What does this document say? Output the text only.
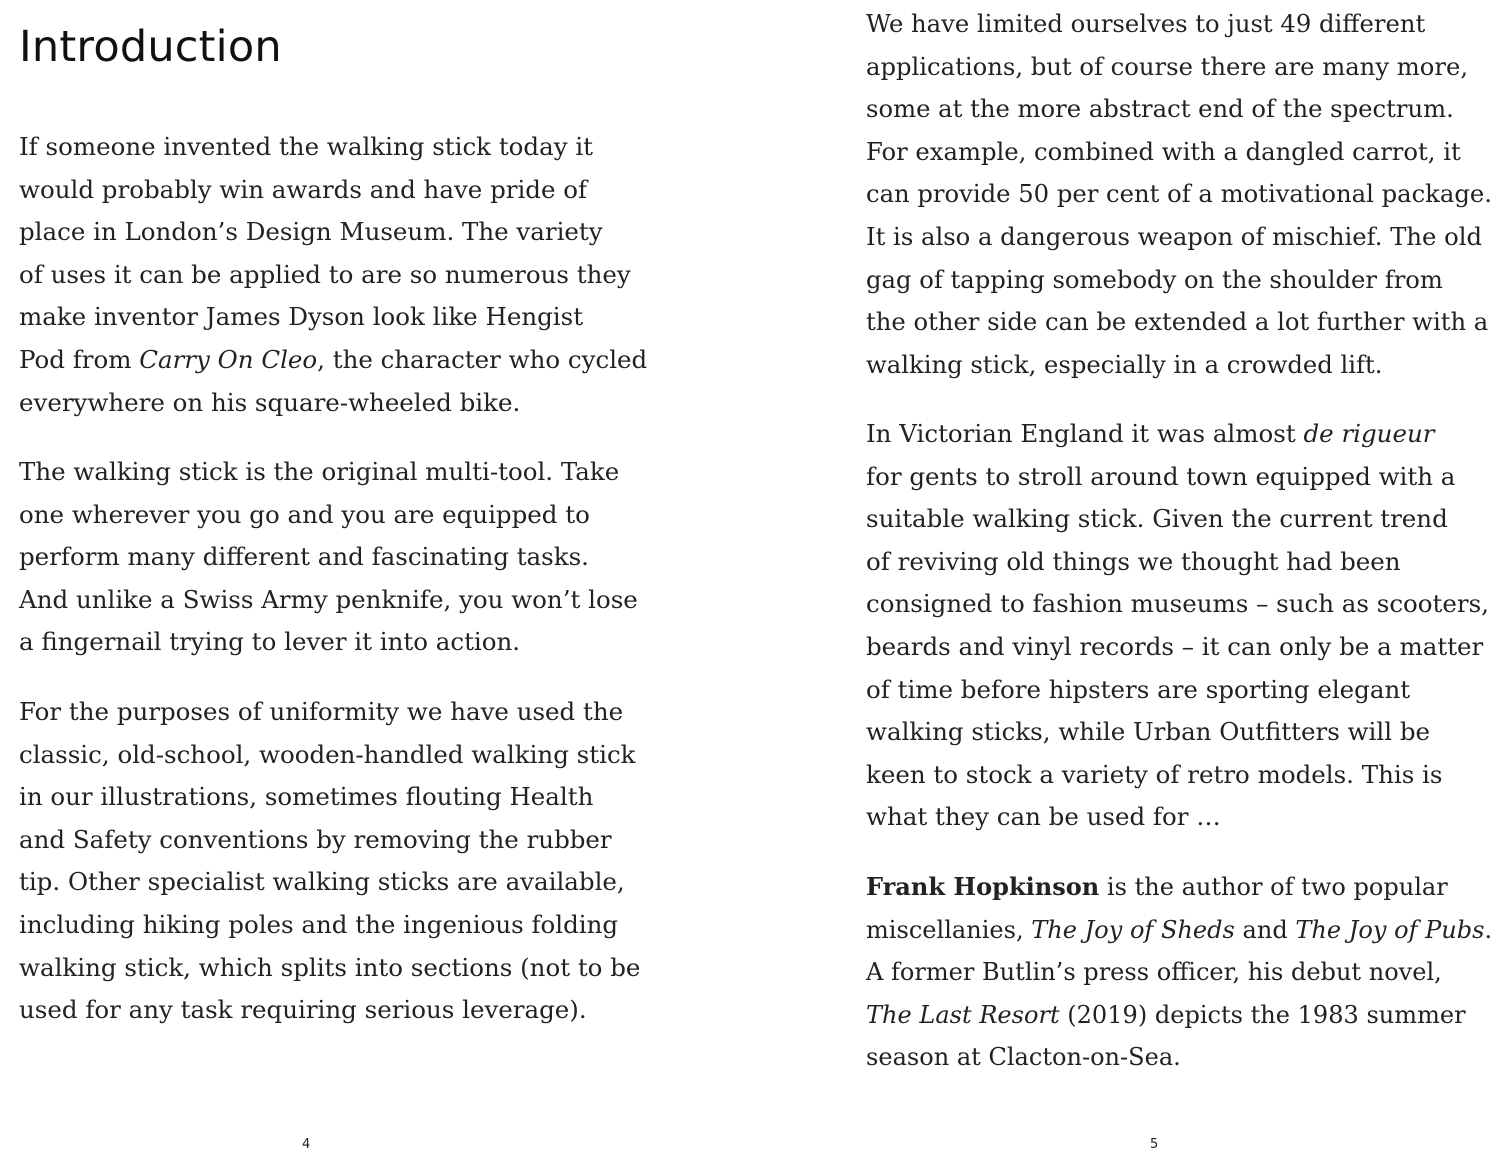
Introduction

If someone invented the walking stick today it
would probably win awards and have pride of
place in London’s Design Museum. The variety
of uses it can be applied to are so numerous they
make inventor James Dyson look like Hengist
Pod from Carry On Cleo, the character who cycled
everywhere on his square-wheeled bike.

The walking stick is the original multi-tool. Take
one wherever you go and you are equipped to
perform many different and fascinating tasks.
And unlike a Swiss Army penknife, you won’t lose
a fingernail trying to lever it into action.

For the purposes of uniformity we have used the
classic, old-school, wooden-handled walking stick
in our illustrations, sometimes flouting Health
and Safety conventions by removing the rubber
tip. Other specialist walking sticks are available,
including hiking poles and the ingenious folding
walking stick, which splits into sections (not to be
used for any task requiring serious leverage).

4

We have limited ourselves to just 49 different
applications, but of course there are many more,
some at the more abstract end of the spectrum.
For example, combined with a dangled carrot, it
can provide 50 per cent of a motivational package.
It is also a dangerous weapon of mischief. The old
gag of tapping somebody on the shoulder from
the other side can be extended a lot further with a
walking stick, especially in a crowded lift.

In Victorian England it was almost de rigueur
for gents to stroll around town equipped with a
suitable walking stick. Given the current trend
of reviving old things we thought had been
consigned to fashion museums – such as scooters,
beards and vinyl records – it can only be a matter
of time before hipsters are sporting elegant
walking sticks, while Urban Outfitters will be
keen to stock a variety of retro models. This is
what they can be used for …

Frank Hopkinson is the author of two popular
miscellanies, The Joy of Sheds and The Joy of Pubs.
A former Butlin’s press officer, his debut novel,
The Last Resort (2019) depicts the 1983 summer
season at Clacton-on-Sea.

5
